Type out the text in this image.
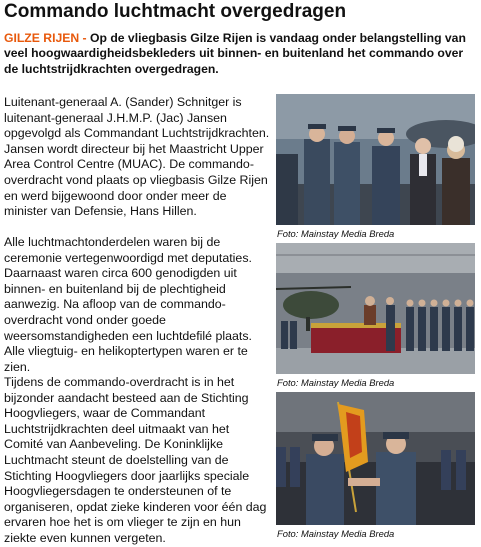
Commando luchtmacht overgedragen
GILZE RIJEN - Op de vliegbasis Gilze Rijen is vandaag onder belangstelling van veel hoogwaardigheidsbekleders uit binnen- en buitenland het commando over de luchtstrijdkrachten overgedragen.

Luitenant-generaal A. (Sander) Schnitger is luitenant-generaal J.H.M.P. (Jac) Jansen opgevolgd als Commandant Luchtstrijdkrachten. Jansen wordt directeur bij het Maastricht Upper Area Control Centre (MUAC). De commando-overdracht vond plaats op vliegbasis Gilze Rijen en werd bijgewoond door onder meer de minister van Defensie, Hans Hillen.

Alle luchtmachtonderdelen waren bij de ceremonie vertegenwoordigd met deputaties. Daarnaast waren circa 600 genodigden uit binnen- en buitenland bij de plechtigheid aanwezig. Na afloop van de commando-overdracht vond onder goede weersomstandigheden een luchtdefilé plaats. Alle vliegtuig- en helikoptertypen waren er te zien.

Tijdens de commando-overdracht is in het bijzonder aandacht besteed aan de Stichting Hoogvliegers, waar de Commandant Luchtstrijdkrachten deel uitmaakt van het Comité van Aanbeveling. De Koninklijke Luchtmacht steunt de doelstelling van de Stichting Hoogvliegers door jaarlijks speciale Hoogvliegersdagen te ondersteunen of te organiseren, opdat zieke kinderen voor één dag ervaren hoe het is om vlieger te zijn en hun ziekte even kunnen vergeten.

Foto: Mainstay Media Breda
Foto: Mainstay Media Breda
Foto: Mainstay Media Breda
